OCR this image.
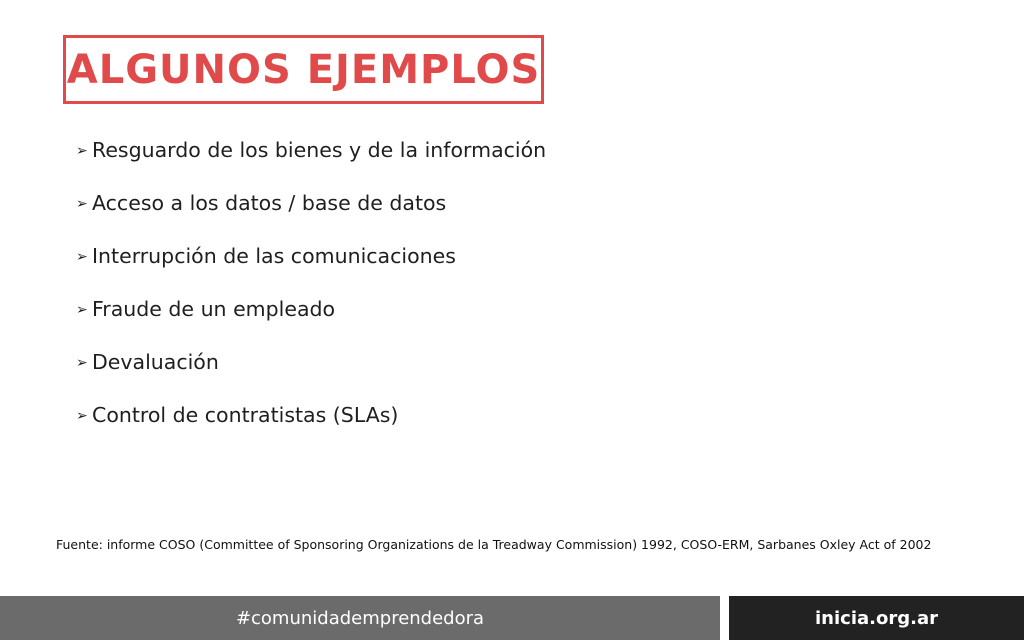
ALGUNOS EJEMPLOS
➢ Resguardo de los bienes y de la información
➢ Acceso a los datos / base de datos
➢ Interrupción de las comunicaciones
➢ Fraude de un empleado
➢ Devaluación
➢ Control de contratistas (SLAs)
Fuente: informe COSO (Committee of Sponsoring Organizations de la Treadway Commission) 1992, COSO-ERM, Sarbanes Oxley Act of 2002
#comunidademprendedora	inicia.org.ar
